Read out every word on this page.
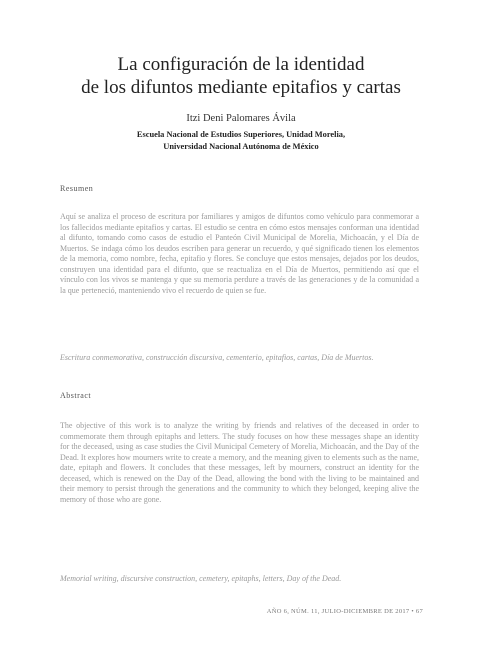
La configuración de la identidad
de los difuntos mediante epitafios y cartas
Itzi Deni Palomares Ávila
Escuela Nacional de Estudios Superiores, Unidad Morelia,
Universidad Nacional Autónoma de México
Resumen
Aquí se analiza el proceso de escritura por familiares y amigos de difuntos como vehículo para conmemorar a los fallecidos mediante epitafios y cartas. El estudio se centra en cómo estos mensajes conforman una identidad al difunto, tomando como casos de estudio el Panteón Civil Municipal de Morelia, Michoacán, y el Día de Muertos. Se indaga cómo los deudos escriben para generar un recuerdo, y qué significado tienen los elementos de la memoria, como nombre, fecha, epitafio y flores. Se concluye que estos mensajes, dejados por los deudos, construyen una identidad para el difunto, que se reactualiza en el Día de Muertos, permitiendo así que el vínculo con los vivos se mantenga y que su memoria perdure a través de las generaciones y de la comunidad a la que perteneció, manteniendo vivo el recuerdo de quien se fue.
Escritura conmemorativa, construcción discursiva, cementerio, epitafios, cartas, Día de Muertos.
Abstract
The objective of this work is to analyze the writing by friends and relatives of the deceased in order to commemorate them through epitaphs and letters. The study focuses on how these messages shape an identity for the deceased, using as case studies the Civil Municipal Cemetery of Morelia, Michoacán, and the Day of the Dead. It explores how mourners write to create a memory, and the meaning given to elements such as the name, date, epitaph and flowers. It concludes that these messages, left by mourners, construct an identity for the deceased, which is renewed on the Day of the Dead, allowing the bond with the living to be maintained and their memory to persist through the generations and the community to which they belonged, keeping alive the memory of those who are gone.
Memorial writing, discursive construction, cemetery, epitaphs, letters, Day of the Dead.
AÑO 6, NÚM. 11, JULIO-DICIEMBRE DE 2017 • 67
